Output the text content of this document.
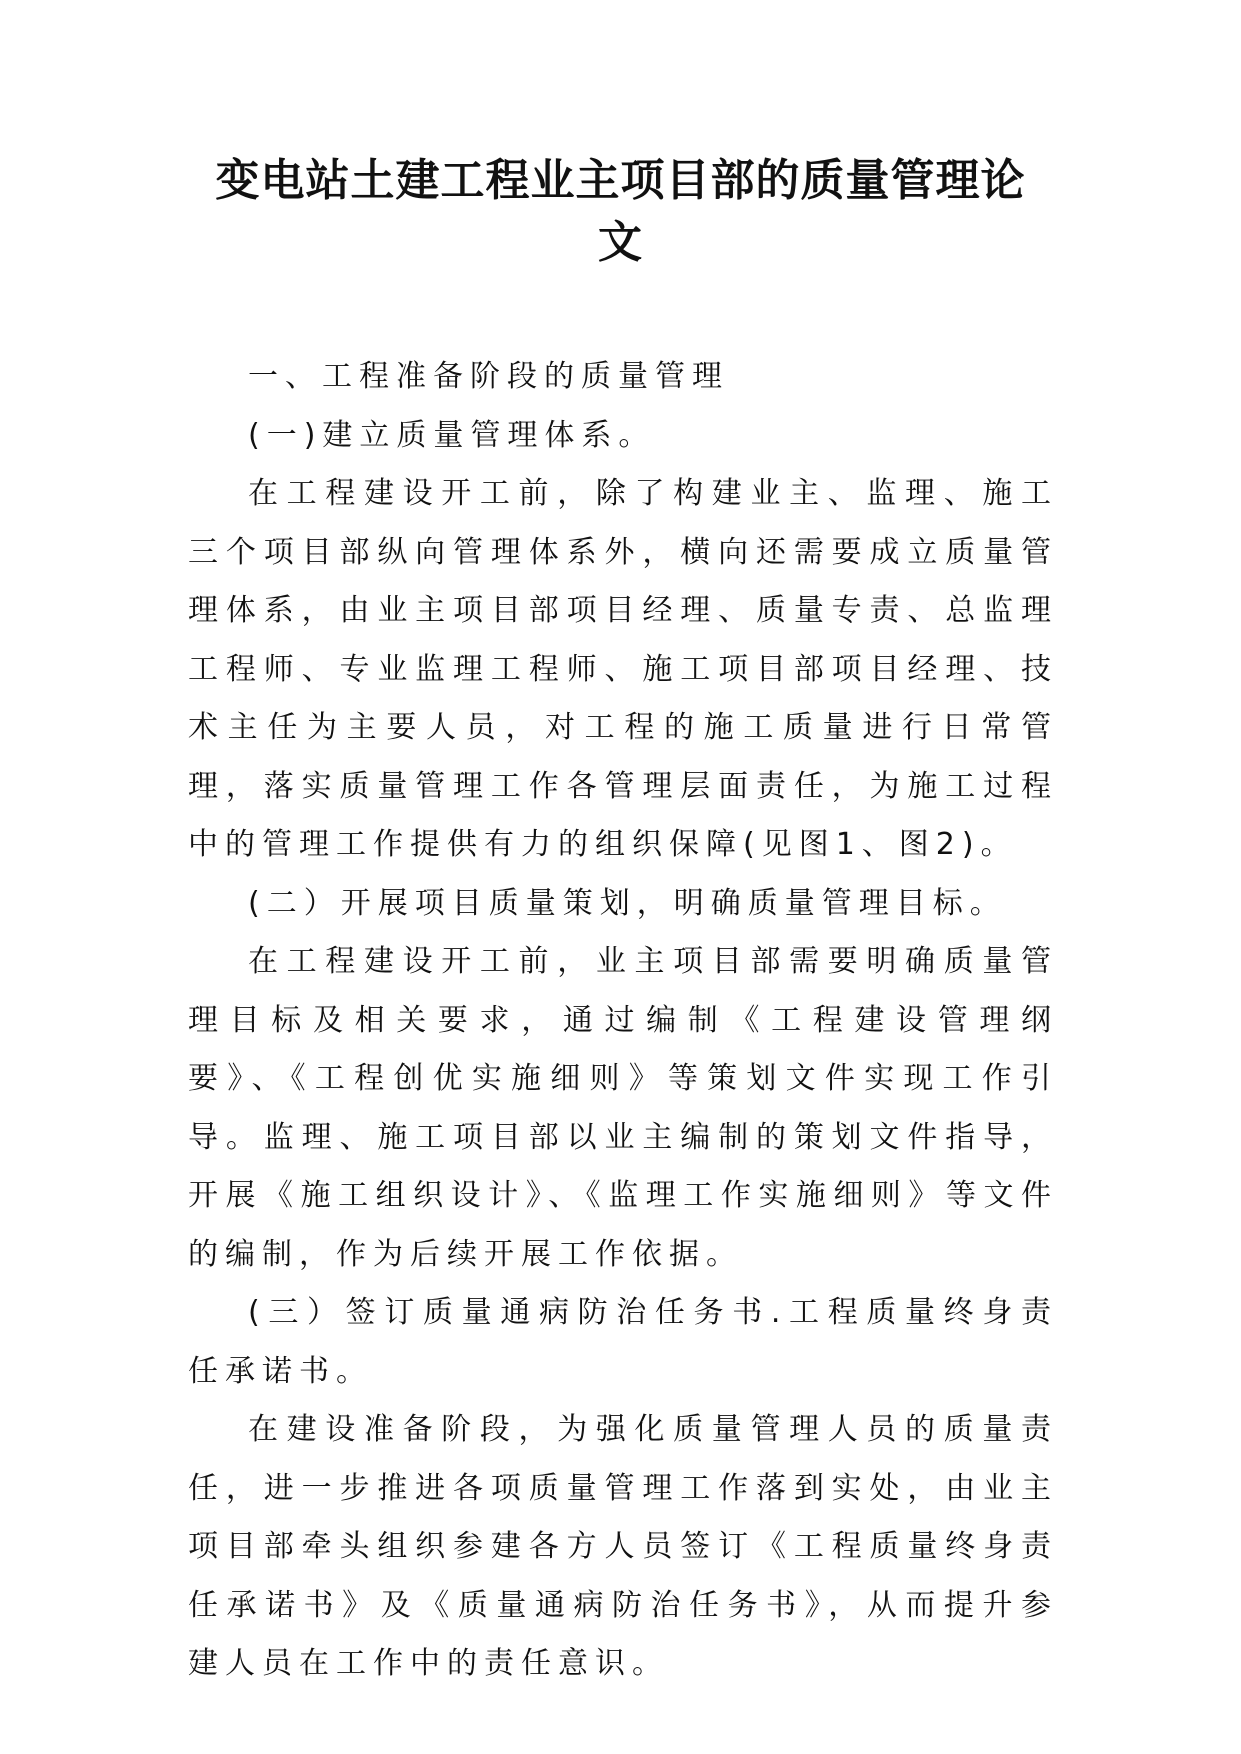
变电站土建工程业主项目部的质量管理论
文

一、工程准备阶段的质量管理

(一)建立质量管理体系。

在工程建设开工前，除了构建业主、监理、施工三个项目部纵向管理体系外，横向还需要成立质量管理体系，由业主项目部项目经理、质量专责、总监理工程师、专业监理工程师、施工项目部项目经理、技术主任为主要人员，对工程的施工质量进行日常管理，落实质量管理工作各管理层面责任，为施工过程中的管理工作提供有力的组织保障(见图1、图2)。

(二）开展项目质量策划，明确质量管理目标。

在工程建设开工前，业主项目部需要明确质量管理目标及相关要求，通过编制《工程建设管理纲要》、《工程创优实施细则》等策划文件实现工作引导。监理、施工项目部以业主编制的策划文件指导，开展《施工组织设计》、《监理工作实施细则》等文件的编制，作为后续开展工作依据。

(三）签订质量通病防治任务书.工程质量终身责任承诺书。

在建设准备阶段，为强化质量管理人员的质量责任，进一步推进各项质量管理工作落到实处，由业主项目部牵头组织参建各方人员签订《工程质量终身责任承诺书》及《质量通病防治任务书》，从而提升参建人员在工作中的责任意识。
